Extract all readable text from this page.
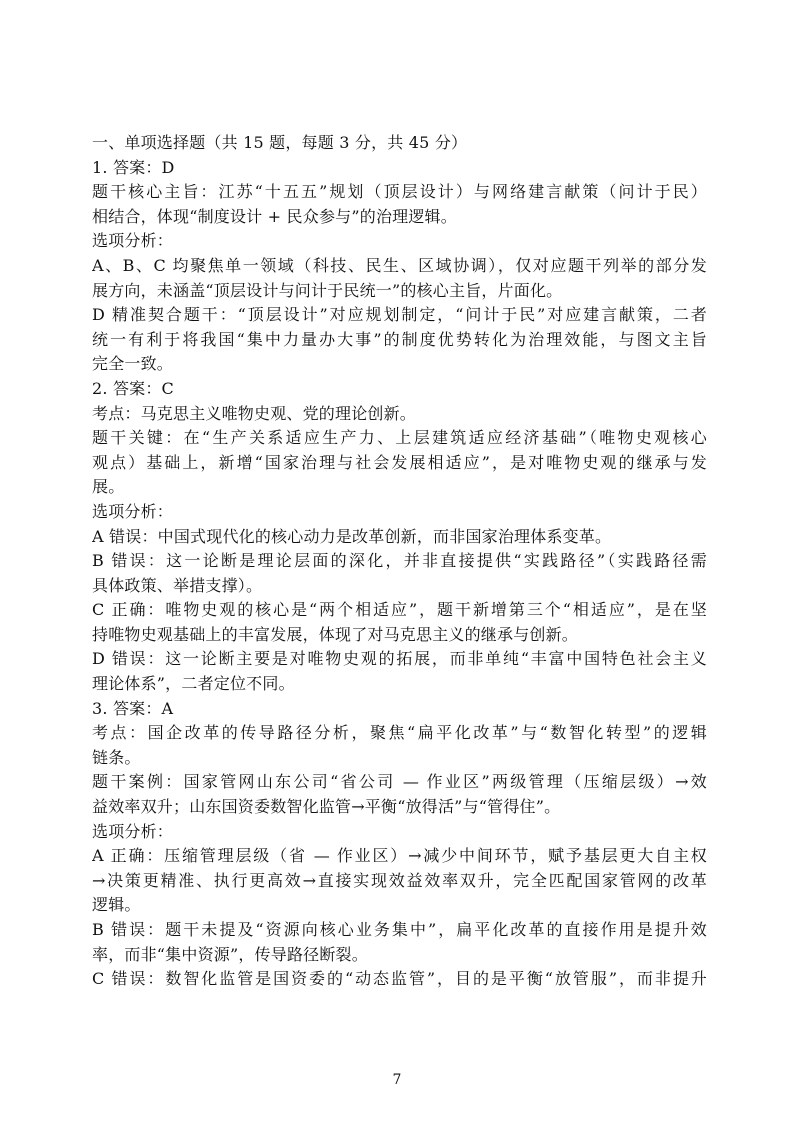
一、单项选择题（共 15 题，每题 3 分，共 45 分）
1. 答案：D
题干核心主旨：江苏“十五五”规划（顶层设计）与网络建言献策（问计于民）
相结合，体现“制度设计 + 民众参与”的治理逻辑。
选项分析：
A、B、C 均聚焦单一领域（科技、民生、区域协调），仅对应题干列举的部分发
展方向，未涵盖“顶层设计与问计于民统一”的核心主旨，片面化。
D 精准契合题干：“顶层设计”对应规划制定，“问计于民”对应建言献策，二者
统一有利于将我国“集中力量办大事”的制度优势转化为治理效能，与图文主旨
完全一致。
2. 答案：C
考点：马克思主义唯物史观、党的理论创新。
题干关键：在“生产关系适应生产力、上层建筑适应经济基础”（唯物史观核心
观点）基础上，新增“国家治理与社会发展相适应”，是对唯物史观的继承与发
展。
选项分析：
A 错误：中国式现代化的核心动力是改革创新，而非国家治理体系变革。
B 错误：这一论断是理论层面的深化，并非直接提供“实践路径”（实践路径需
具体政策、举措支撑）。
C 正确：唯物史观的核心是“两个相适应”，题干新增第三个“相适应”，是在坚
持唯物史观基础上的丰富发展，体现了对马克思主义的继承与创新。
D 错误：这一论断主要是对唯物史观的拓展，而非单纯“丰富中国特色社会主义
理论体系”，二者定位不同。
3. 答案：A
考点：国企改革的传导路径分析，聚焦“扁平化改革”与“数智化转型”的逻辑
链条。
题干案例：国家管网山东公司“省公司 — 作业区”两级管理（压缩层级）→效
益效率双升；山东国资委数智化监管→平衡“放得活”与“管得住”。
选项分析：
A 正确：压缩管理层级（省 — 作业区）→减少中间环节，赋予基层更大自主权
→决策更精准、执行更高效→直接实现效益效率双升，完全匹配国家管网的改革
逻辑。
B 错误：题干未提及“资源向核心业务集中”，扁平化改革的直接作用是提升效
率，而非“集中资源”，传导路径断裂。
C 错误：数智化监管是国资委的“动态监管”，目的是平衡“放管服”，而非提升
7
